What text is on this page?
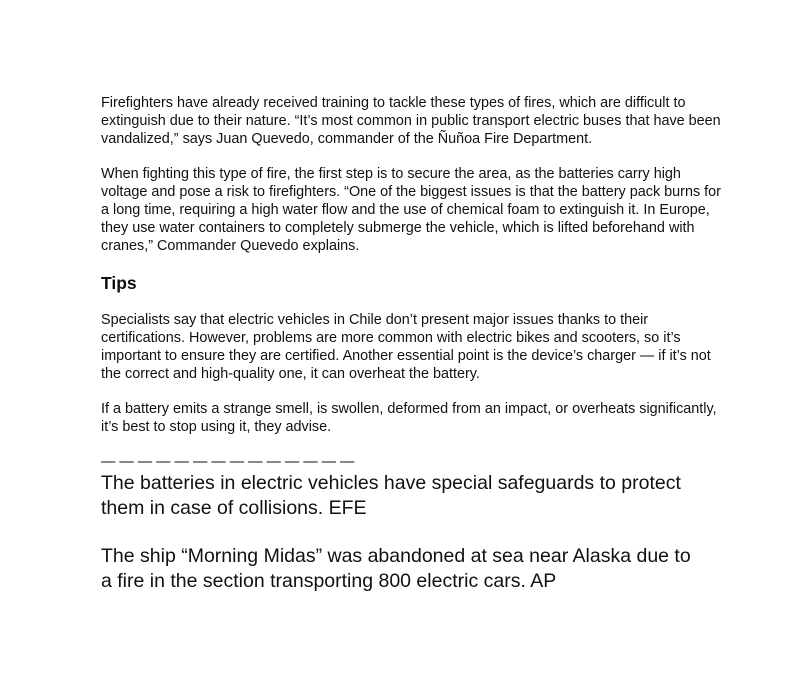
Firefighters have already received training to tackle these types of fires, which are difficult to extinguish due to their nature. “It’s most common in public transport electric buses that have been vandalized,” says Juan Quevedo, commander of the Ñuñoa Fire Department.

When fighting this type of fire, the first step is to secure the area, as the batteries carry high voltage and pose a risk to firefighters. “One of the biggest issues is that the battery pack burns for a long time, requiring a high water flow and the use of chemical foam to extinguish it. In Europe, they use water containers to completely submerge the vehicle, which is lifted beforehand with cranes,” Commander Quevedo explains.

Tips

Specialists say that electric vehicles in Chile don’t present major issues thanks to their certifications. However, problems are more common with electric bikes and scooters, so it’s important to ensure they are certified. Another essential point is the device’s charger — if it’s not the correct and high-quality one, it can overheat the battery.

If a battery emits a strange smell, is swollen, deformed from an impact, or overheats significantly, it’s best to stop using it, they advise.

— — — — — — — — — — — — — —

The batteries in electric vehicles have special safeguards to protect them in case of collisions. EFE

The ship “Morning Midas” was abandoned at sea near Alaska due to a fire in the section transporting 800 electric cars. AP
